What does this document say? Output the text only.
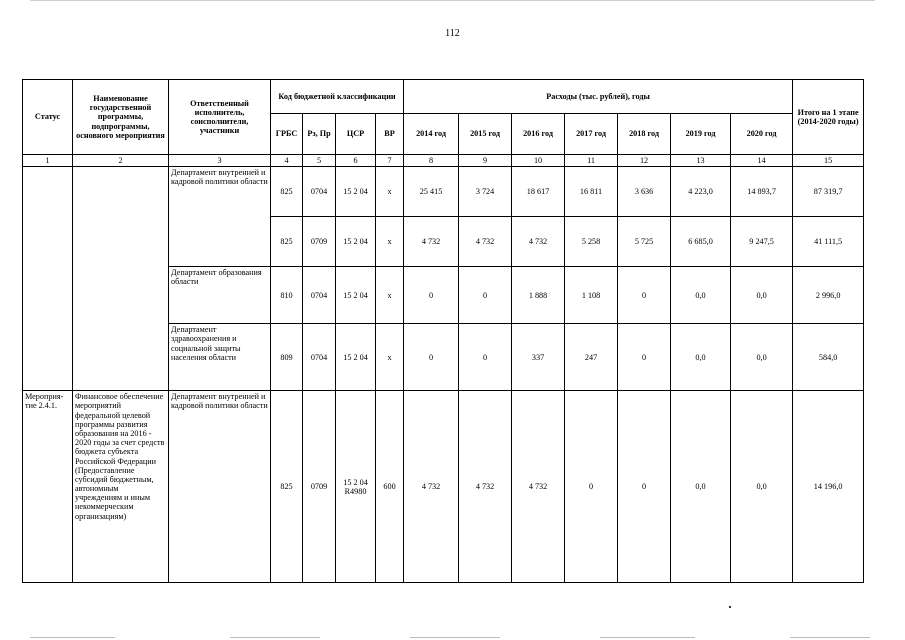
112
Статус	Наименование государственной программы, подпрограммы, основного мероприятия	Ответственный исполнитель, соисполнители, участники	Код бюджетной классификации				Расходы (тыс. рублей), годы							Итого на 1 этапе (2014-2020 годы)
			ГРБС	Рз, Пр	ЦСР	ВР	2014 год	2015 год	2016 год	2017 год	2018 год	2019 год	2020 год	
1	2	3	4	5	6	7	8	9	10	11	12	13	14	15
		Департамент внутренней и кадровой политики области	825	0704	15 2 04	х	25 415	3 724	18 617	16 811	3 636	4 223,0	14 893,7	87 319,7
			825	0709	15 2 04	х	4 732	4 732	4 732	5 258	5 725	6 685,0	9 247,5	41 111,5
		Департамент образования области	810	0704	15 2 04	х	0	0	1 888	1 108	0	0,0	0,0	2 996,0
		Департамент здравоохранения и социальной защиты населения области	809	0704	15 2 04	х	0	0	337	247	0	0,0	0,0	584,0
Мероприя-тие 2.4.1.	Финансовое обеспечение мероприятий федеральной целевой программы развития образования на 2016 - 2020 годы за счет средств бюджета субъекта Российской Федерации (Предоставление субсидий бюджетным, автономным учреждениям и иным некоммерческим организациям)	Департамент внутренней и кадровой политики области	825	0709	15 2 04 R4980	600	4 732	4 732	4 732	0	0	0,0	0,0	14 196,0
